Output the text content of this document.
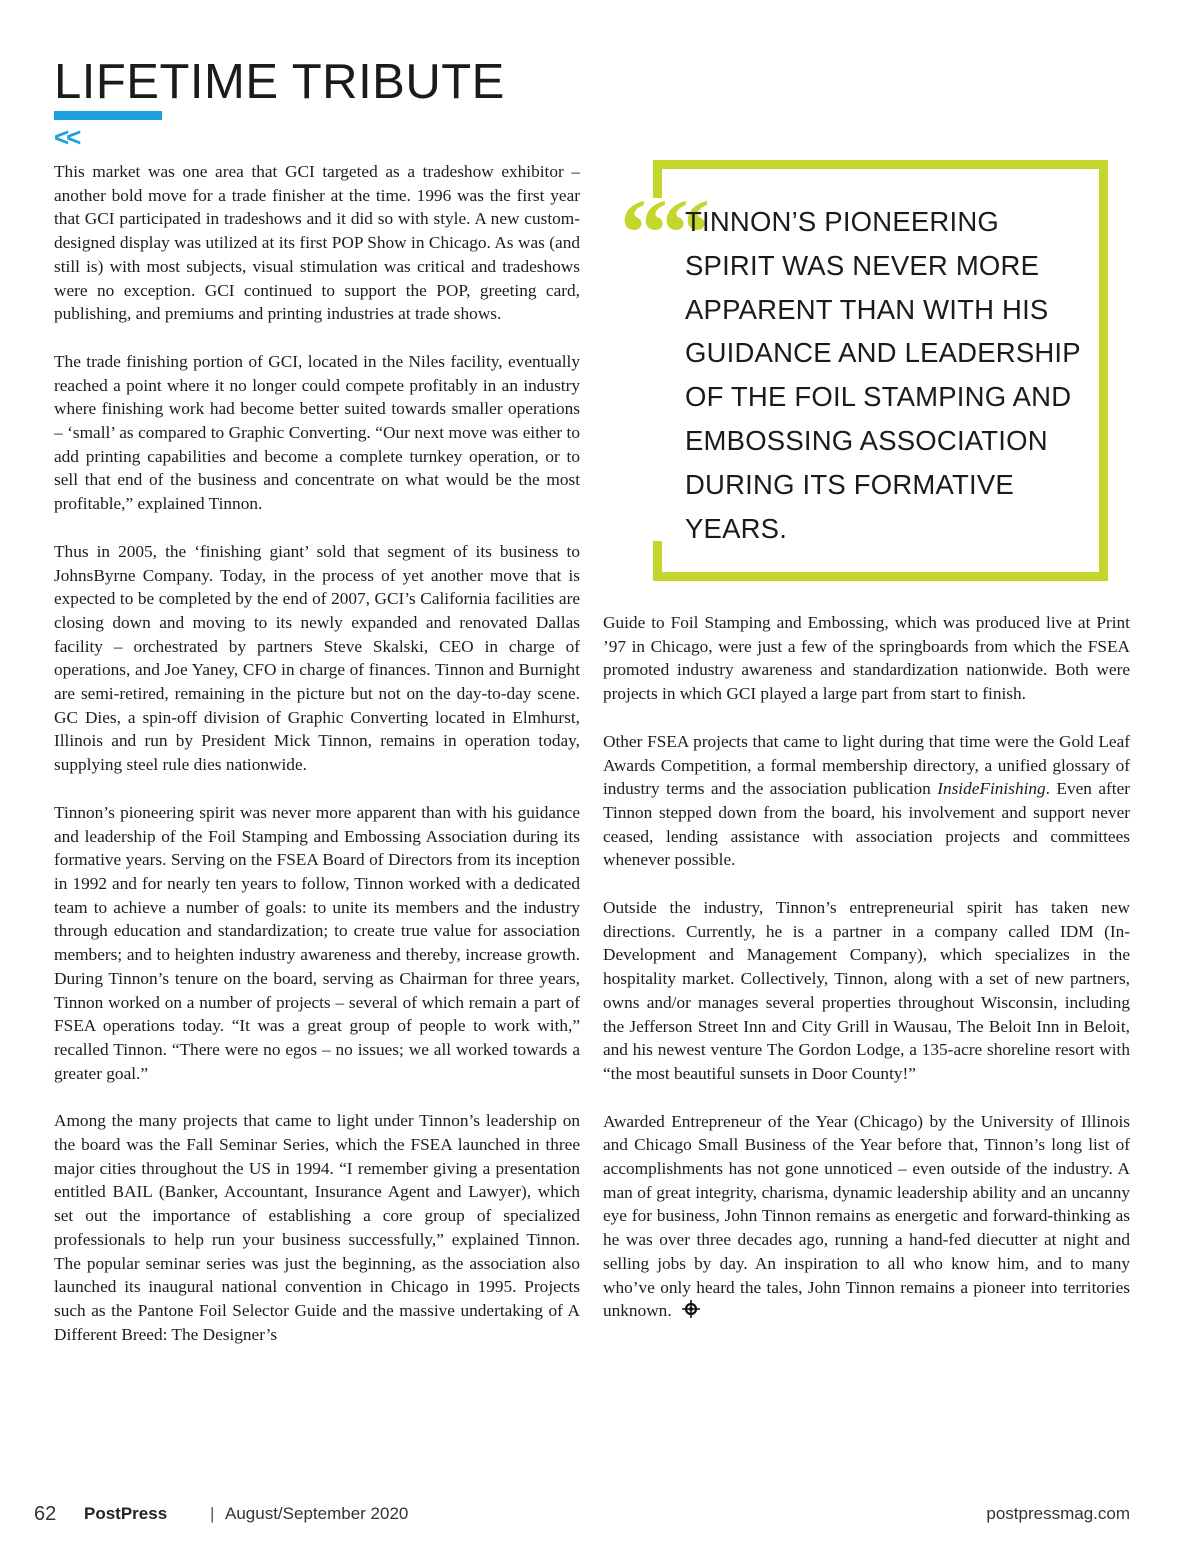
LIFETIME TRIBUTE
<<

This market was one area that GCI targeted as a tradeshow exhibitor – another bold move for a trade finisher at the time. 1996 was the first year that GCI participated in tradeshows and it did so with style. A new custom-designed display was utilized at its first POP Show in Chicago. As was (and still is) with most subjects, visual stimulation was critical and tradeshows were no exception. GCI continued to support the POP, greeting card, publishing, and premiums and printing industries at trade shows.

The trade finishing portion of GCI, located in the Niles facility, eventually reached a point where it no longer could compete profitably in an industry where finishing work had become better suited towards smaller operations – ‘small’ as compared to Graphic Converting. “Our next move was either to add printing capabilities and become a complete turnkey operation, or to sell that end of the business and concentrate on what would be the most profitable,” explained Tinnon.

Thus in 2005, the ‘finishing giant’ sold that segment of its business to JohnsByrne Company. Today, in the process of yet another move that is expected to be completed by the end of 2007, GCI’s California facilities are closing down and moving to its newly expanded and renovated Dallas facility – orchestrated by partners Steve Skalski, CEO in charge of operations, and Joe Yaney, CFO in charge of finances. Tinnon and Burnight are semi-retired, remaining in the picture but not on the day-to-day scene. GC Dies, a spin-off division of Graphic Converting located in Elmhurst, Illinois and run by President Mick Tinnon, remains in operation today, supplying steel rule dies nationwide.

Tinnon’s pioneering spirit was never more apparent than with his guidance and leadership of the Foil Stamping and Embossing Association during its formative years. Serving on the FSEA Board of Directors from its inception in 1992 and for nearly ten years to follow, Tinnon worked with a dedicated team to achieve a number of goals: to unite its members and the industry through education and standardization; to create true value for association members; and to heighten industry awareness and thereby, increase growth. During Tinnon’s tenure on the board, serving as Chairman for three years, Tinnon worked on a number of projects – several of which remain a part of FSEA operations today. “It was a great group of people to work with,” recalled Tinnon. “There were no egos – no issues; we all worked towards a greater goal.”

Among the many projects that came to light under Tinnon’s leadership on the board was the Fall Seminar Series, which the FSEA launched in three major cities throughout the US in 1994. “I remember giving a presentation entitled BAIL (Banker, Accountant, Insurance Agent and Lawyer), which set out the importance of establishing a core group of specialized professionals to help run your business successfully,” explained Tinnon. The popular seminar series was just the beginning, as the association also launched its inaugural national convention in Chicago in 1995. Projects such as the Pantone Foil Selector Guide and the massive undertaking of A Different Breed: The Designer’s

““

TINNON’S PIONEERING SPIRIT WAS NEVER MORE APPARENT THAN WITH HIS GUIDANCE AND LEADERSHIP OF THE FOIL STAMPING AND EMBOSSING ASSOCIATION DURING ITS FORMATIVE YEARS.

Guide to Foil Stamping and Embossing, which was produced live at Print ’97 in Chicago, were just a few of the springboards from which the FSEA promoted industry awareness and standardization nationwide. Both were projects in which GCI played a large part from start to finish.

Other FSEA projects that came to light during that time were the Gold Leaf Awards Competition, a formal membership directory, a unified glossary of industry terms and the association publication InsideFinishing. Even after Tinnon stepped down from the board, his involvement and support never ceased, lending assistance with association projects and committees whenever possible.

Outside the industry, Tinnon’s entrepreneurial spirit has taken new directions. Currently, he is a partner in a company called IDM (In-Development and Management Company), which specializes in the hospitality market. Collectively, Tinnon, along with a set of new partners, owns and/or manages several properties throughout Wisconsin, including the Jefferson Street Inn and City Grill in Wausau, The Beloit Inn in Beloit, and his newest venture The Gordon Lodge, a 135-acre shoreline resort with “the most beautiful sunsets in Door County!”

Awarded Entrepreneur of the Year (Chicago) by the University of Illinois and Chicago Small Business of the Year before that, Tinnon’s long list of accomplishments has not gone unnoticed – even outside of the industry. A man of great integrity, charisma, dynamic leadership ability and an uncanny eye for business, John Tinnon remains as energetic and forward-thinking as he was over three decades ago, running a hand-fed diecutter at night and selling jobs by day. An inspiration to all who know him, and to many who’ve only heard the tales, John Tinnon remains a pioneer into territories unknown.

62 PostPress	| August/September 2020	postpressmag.com
